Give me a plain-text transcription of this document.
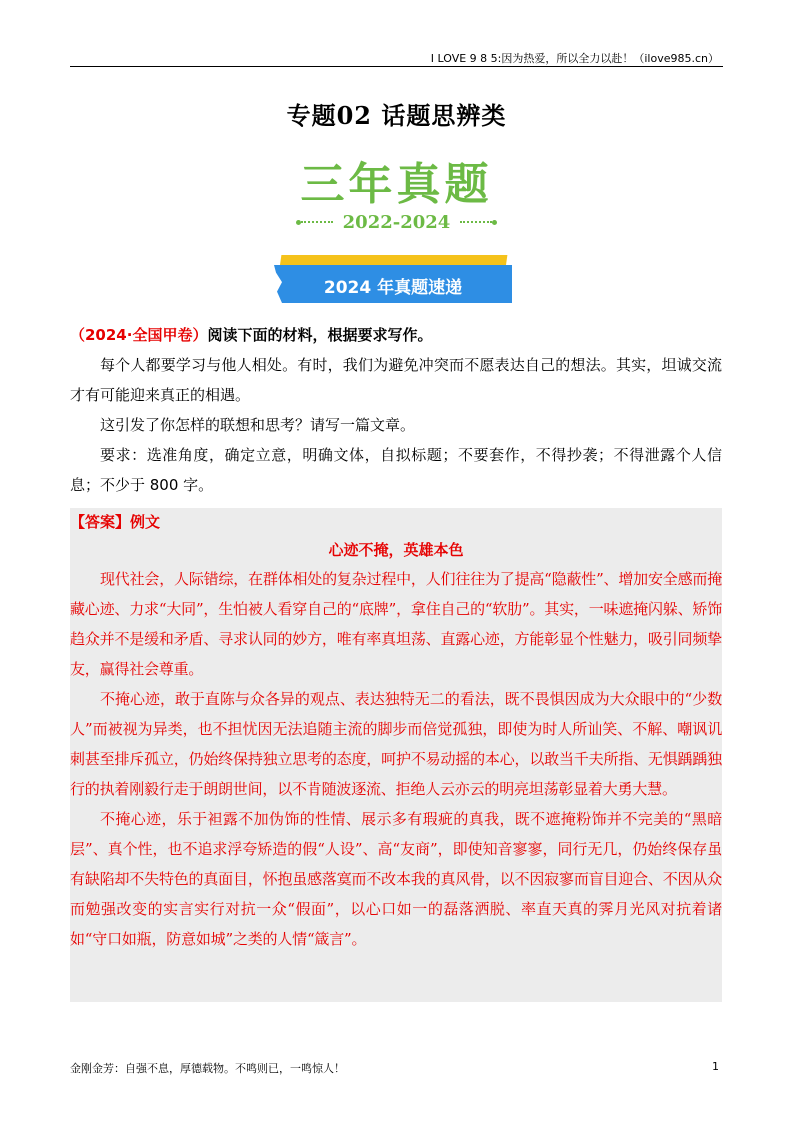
I LOVE 9 8 5:因为热爱，所以全力以赴！（ilove985.cn）
专题02 话题思辨类
三年真题
2022-2024
2024 年真题速递

（2024·全国甲卷）阅读下面的材料，根据要求写作。

每个人都要学习与他人相处。有时，我们为避免冲突而不愿表达自己的想法。其实，坦诚交流才有可能迎来真正的相遇。

这引发了你怎样的联想和思考？请写一篇文章。

要求：选准角度，确定立意，明确文体，自拟标题；不要套作，不得抄袭；不得泄露个人信息；不少于 800 字。

【答案】例文

心迹不掩，英雄本色

现代社会，人际错综，在群体相处的复杂过程中，人们往往为了提高“隐蔽性”、增加安全感而掩藏心迹、力求“大同”，生怕被人看穿自己的“底牌”，拿住自己的“软肋”。其实，一味遮掩闪躲、矫饰趋众并不是缓和矛盾、寻求认同的妙方，唯有率真坦荡、直露心迹，方能彰显个性魅力，吸引同频挚友，赢得社会尊重。

不掩心迹，敢于直陈与众各异的观点、表达独特无二的看法，既不畏惧因成为大众眼中的“少数人”而被视为异类，也不担忧因无法追随主流的脚步而倍觉孤独，即使为时人所讪笑、不解、嘲讽讥刺甚至排斥孤立，仍始终保持独立思考的态度，呵护不易动摇的本心，以敢当千夫所指、无惧踽踽独行的执着刚毅行走于朗朗世间，以不肯随波逐流、拒绝人云亦云的明亮坦荡彰显着大勇大慧。

不掩心迹，乐于袒露不加伪饰的性情、展示多有瑕疵的真我，既不遮掩粉饰并不完美的“黑暗层”、真个性，也不追求浮夸矫造的假“人设”、高“友商”，即使知音寥寥，同行无几，仍始终保存虽有缺陷却不失特色的真面目，怀抱虽感落寞而不改本我的真风骨，以不因寂寥而盲目迎合、不因从众而勉强改变的实言实行对抗一众“假面”，以心口如一的磊落洒脱、率直天真的霁月光风对抗着诸如“守口如瓶，防意如城”之类的人情“箴言”。

金刚金芳：自强不息，厚德载物。不鸣则已，一鸣惊人！	1
